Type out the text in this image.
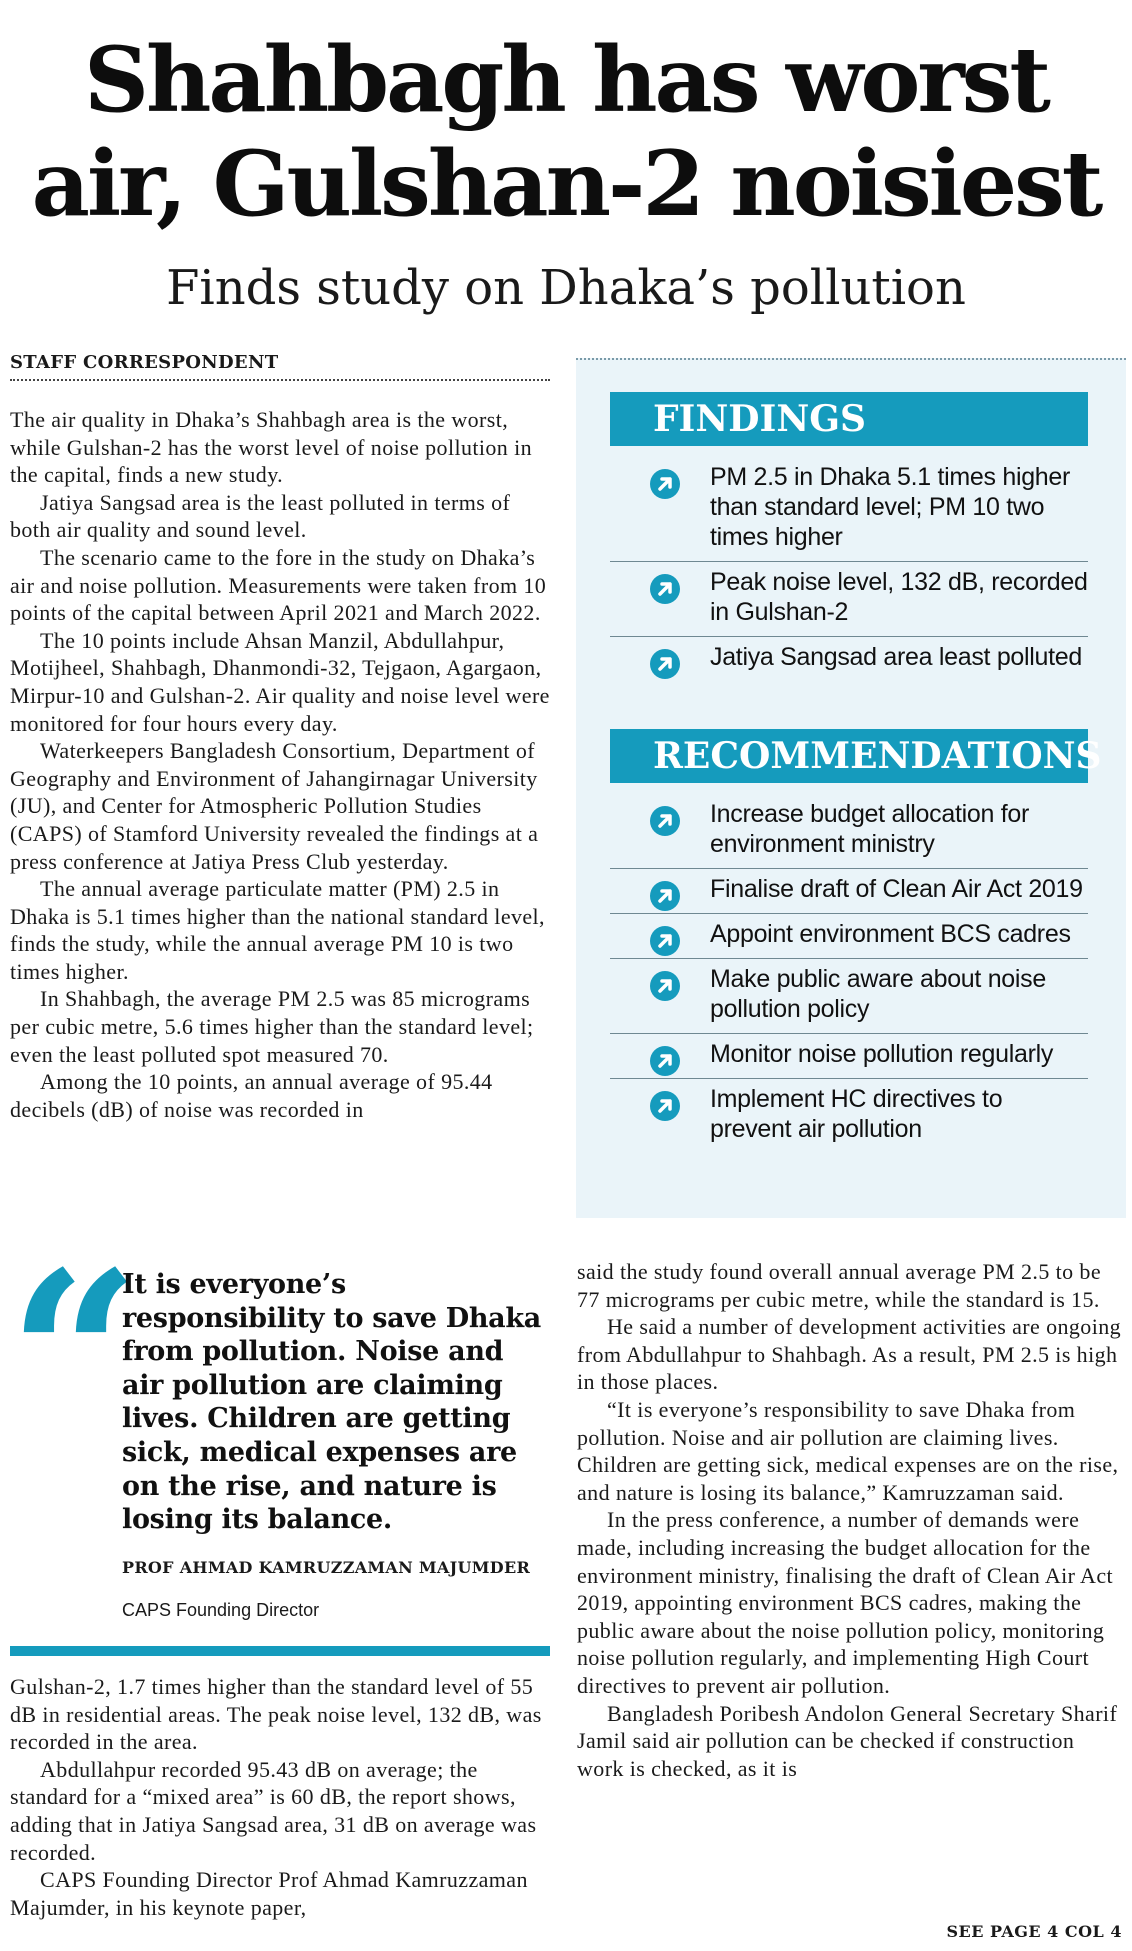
Shahbagh has worst
air, Gulshan-2 noisiest
Finds study on Dhaka’s pollution
STAFF CORRESPONDENT

The air quality in Dhaka’s Shahbagh area is the worst, while Gulshan-2 has the worst level of noise pollution in the capital, finds a new study.

Jatiya Sangsad area is the least polluted in terms of both air quality and sound level.

The scenario came to the fore in the study on Dhaka’s air and noise pollution. Measurements were taken from 10 points of the capital between April 2021 and March 2022.

The 10 points include Ahsan Manzil, Abdullahpur, Motijheel, Shahbagh, Dhanmondi-32, Tejgaon, Agargaon, Mirpur-10 and Gulshan-2. Air quality and noise level were monitored for four hours every day.

Waterkeepers Bangladesh Consortium, Department of Geography and Environment of Jahangirnagar University (JU), and Center for Atmospheric Pollution Studies (CAPS) of Stamford University revealed the findings at a press conference at Jatiya Press Club yesterday.

The annual average particulate matter (PM) 2.5 in Dhaka is 5.1 times higher than the national standard level, finds the study, while the annual average PM 10 is two times higher.

In Shahbagh, the average PM 2.5 was 85 micrograms per cubic metre, 5.6 times higher than the standard level; even the least polluted spot measured 70.

Among the 10 points, an annual average of 95.44 decibels (dB) of noise was recorded in

FINDINGS
PM 2.5 in Dhaka 5.1 times higher than standard level; PM 10 two times higher
Peak noise level, 132 dB, recorded in Gulshan-2
Jatiya Sangsad area least polluted
RECOMMENDATIONS
Increase budget allocation for environment ministry
Finalise draft of Clean Air Act 2019
Appoint environment BCS cadres
Make public aware about noise pollution policy
Monitor noise pollution regularly
Implement HC directives to prevent air pollution
“
It is everyone’s responsibility to save Dhaka from pollution. Noise and air pollution are claiming lives. Children are getting sick, medical expenses are on the rise, and nature is losing its balance.
PROF AHMAD KAMRUZZAMAN MAJUMDER
CAPS Founding Director

Gulshan-2, 1.7 times higher than the standard level of 55 dB in residential areas. The peak noise level, 132 dB, was recorded in the area.

Abdullahpur recorded 95.43 dB on average; the standard for a “mixed area” is 60 dB, the report shows, adding that in Jatiya Sangsad area, 31 dB on average was recorded.

CAPS Founding Director Prof Ahmad Kamruzzaman Majumder, in his keynote paper,

said the study found overall annual average PM 2.5 to be 77 micrograms per cubic metre, while the standard is 15.

He said a number of development activities are ongoing from Abdullahpur to Shahbagh. As a result, PM 2.5 is high in those places.

“It is everyone’s responsibility to save Dhaka from pollution. Noise and air pollution are claiming lives. Children are getting sick, medical expenses are on the rise, and nature is losing its balance,” Kamruzzaman said.

In the press conference, a number of demands were made, including increasing the budget allocation for the environment ministry, finalising the draft of Clean Air Act 2019, appointing environment BCS cadres, making the public aware about the noise pollution policy, monitoring noise pollution regularly, and implementing High Court directives to prevent air pollution.

Bangladesh Poribesh Andolon General Secretary Sharif Jamil said air pollution can be checked if construction work is checked, as it is

SEE PAGE 4 COL 4
